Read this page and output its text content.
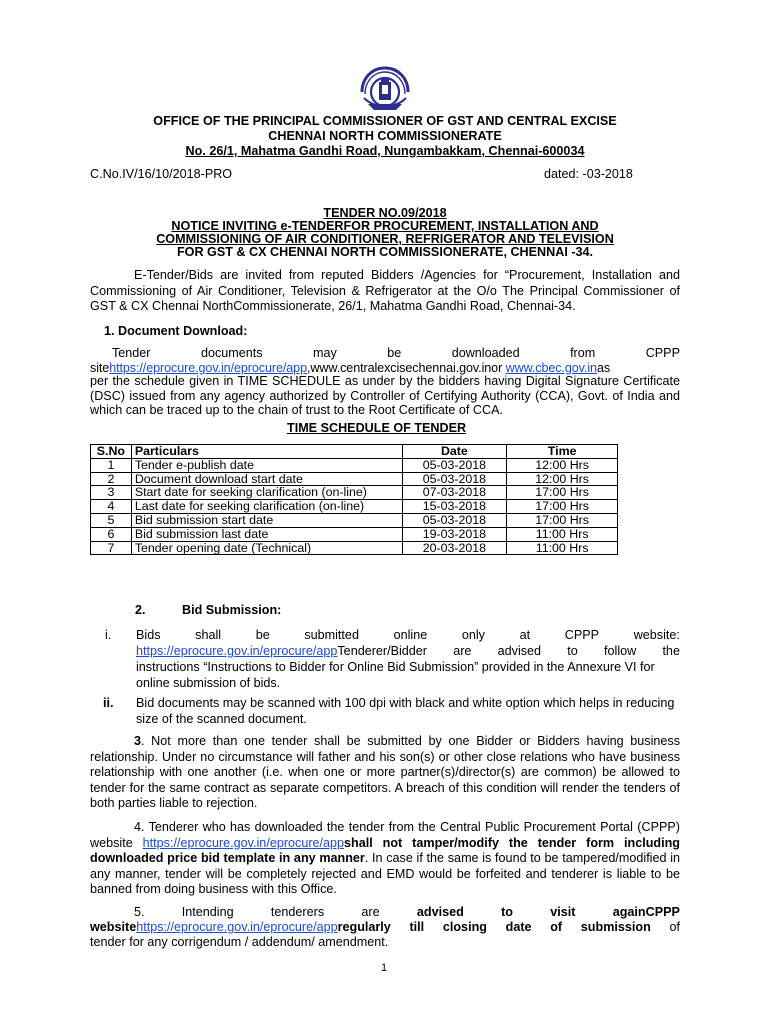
OFFICE OF THE PRINCIPAL COMMISSIONER OF GST AND CENTRAL EXCISE
CHENNAI NORTH COMMISSIONERATE
No. 26/1, Mahatma Gandhi Road, Nungambakkam, Chennai-600034
C.No.IV/16/10/2018-PRO	dated: -03-2018
TENDER NO.09/2018
NOTICE INVITING e-TENDERFOR PROCUREMENT, INSTALLATION AND
COMMISSIONING OF AIR CONDITIONER, REFRIGERATOR AND TELEVISION
FOR GST & CX CHENNAI NORTH COMMISSIONERATE, CHENNAI -34.
E-Tender/Bids are invited from reputed Bidders /Agencies for “Procurement, Installation and Commissioning of Air Conditioner, Television & Refrigerator at the O/o The Principal Commissioner of GST & CX Chennai NorthCommissionerate, 26/1, Mahatma Gandhi Road, Chennai-34.
1. Document Download:
Tender	documents	may	be	downloaded	from	CPPP
sitehttps://eprocure.gov.in/eprocure/app,www.centralexcisechennai.gov.inor www.cbec.gov.inas
per the schedule given in TIME SCHEDULE as under by the bidders having Digital Signature Certificate (DSC) issued from any agency authorized by Controller of Certifying Authority (CCA), Govt. of India and which can be traced up to the chain of trust to the Root Certificate of CCA.
TIME SCHEDULE OF TENDER
S.No	Particulars	Date	Time
1	Tender e-publish date	05-03-2018	12:00 Hrs
2	Document download start date	05-03-2018	12:00 Hrs
3	Start date for seeking clarification (on-line)	07-03-2018	17:00 Hrs
4	Last date for seeking clarification (on-line)	15-03-2018	17:00 Hrs
5	Bid submission start date	05-03-2018	17:00 Hrs
6	Bid submission last date	19-03-2018	11:00 Hrs
7	Tender opening date (Technical)	20-03-2018	11:00 Hrs
2.	Bid Submission:
i. Bids	shall	be	submitted	online	only	at	CPPP	website:
https://eprocure.gov.in/eprocure/appTenderer/Bidder are advised to follow the
instructions “Instructions to Bidder for Online Bid Submission” provided in the Annexure VI for online submission of bids.
ii. Bid documents may be scanned with 100 dpi with black and white option which helps in reducing size of the scanned document.
3. Not more than one tender shall be submitted by one Bidder or Bidders having business relationship. Under no circumstance will father and his son(s) or other close relations who have business relationship with one another (i.e. when one or more partner(s)/director(s) are common) be allowed to tender for the same contract as separate competitors. A breach of this condition will render the tenders of both parties liable to rejection.
4. Tenderer who has downloaded the tender from the Central Public Procurement Portal (CPPP) website https://eprocure.gov.in/eprocure/appshall not tamper/modify the tender form including downloaded price bid template in any manner. In case if the same is found to be tampered/modified in any manner, tender will be completely rejected and EMD would be forfeited and tenderer is liable to be banned from doing business with this Office.
5.	Intending	tenderers	are	advised	to	visit	againCPPP
websitehttps://eprocure.gov.in/eprocure/appregularly till closing date of submission of
tender for any corrigendum / addendum/ amendment.
1
